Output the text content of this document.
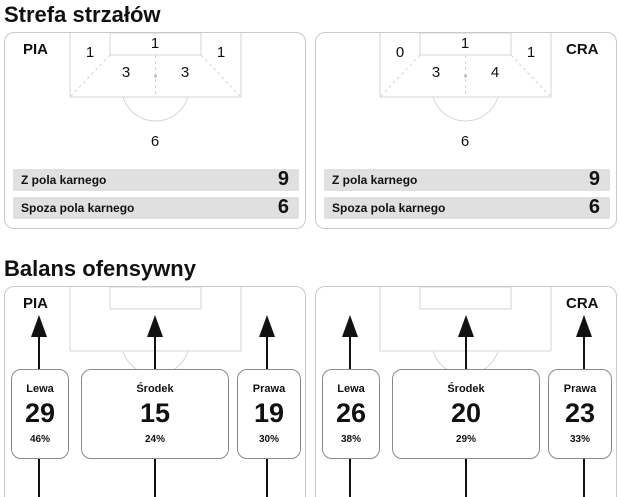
Strefa strzałów
PIA	1
1
1
3	3
6
Z pola karnego	9
Spoza pola karnego	6
CRA
0
1
1
3	4
6
Z pola karnego	9
Spoza pola karnego	6
Balans ofensywny
PIA
Lewa
29
46%
Środek
15
24%
Prawa
19
30%
CRA
Lewa
26
38%
Środek
20
29%
Prawa
23
33%
